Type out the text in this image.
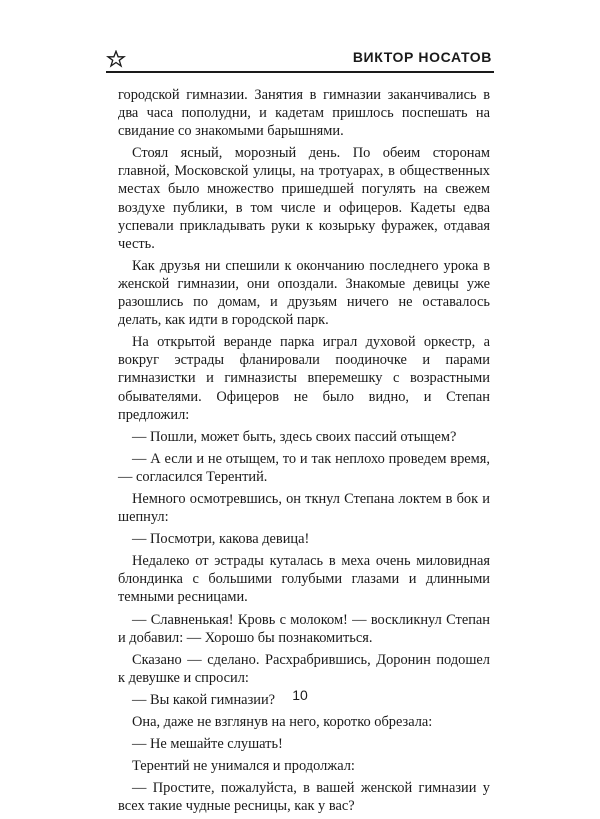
ВИКТОР НОСАТОВ

городской гимназии. Занятия в гимназии заканчивались в два часа пополудни, и кадетам пришлось поспешать на свидание со знакомыми барышнями.

Стоял ясный, морозный день. По обеим сторонам главной, Московской улицы, на тротуарах, в общественных местах было множество пришедшей погулять на свежем воздухе публики, в том числе и офицеров. Кадеты едва успевали прикладывать руки к козырьку фуражек, отдавая честь.

Как друзья ни спешили к окончанию последнего урока в женской гимназии, они опоздали. Знакомые девицы уже разошлись по домам, и друзьям ничего не оставалось делать, как идти в городской парк.

На открытой веранде парка играл духовой оркестр, а вокруг эстрады фланировали поодиночке и парами гимназистки и гимназисты вперемешку с возрастными обывателями. Офицеров не было видно, и Степан предложил:

— Пошли, может быть, здесь своих пассий отыщем?

— А если и не отыщем, то и так неплохо проведем время, — согласился Терентий.

Немного осмотревшись, он ткнул Степана локтем в бок и шепнул:

— Посмотри, какова девица!

Недалеко от эстрады куталась в меха очень миловидная блондинка с большими голубыми глазами и длинными темными ресницами.

— Славненькая! Кровь с молоком! — воскликнул Степан и добавил: — Хорошо бы познакомиться.

Сказано — сделано. Расхрабрившись, Доронин подошел к девушке и спросил:

— Вы какой гимназии?

Она, даже не взглянув на него, коротко обрезала:

— Не мешайте слушать!

Терентий не унимался и продолжал:

— Простите, пожалуйста, в вашей женской гимназии у всех такие чудные ресницы, как у вас?

10
